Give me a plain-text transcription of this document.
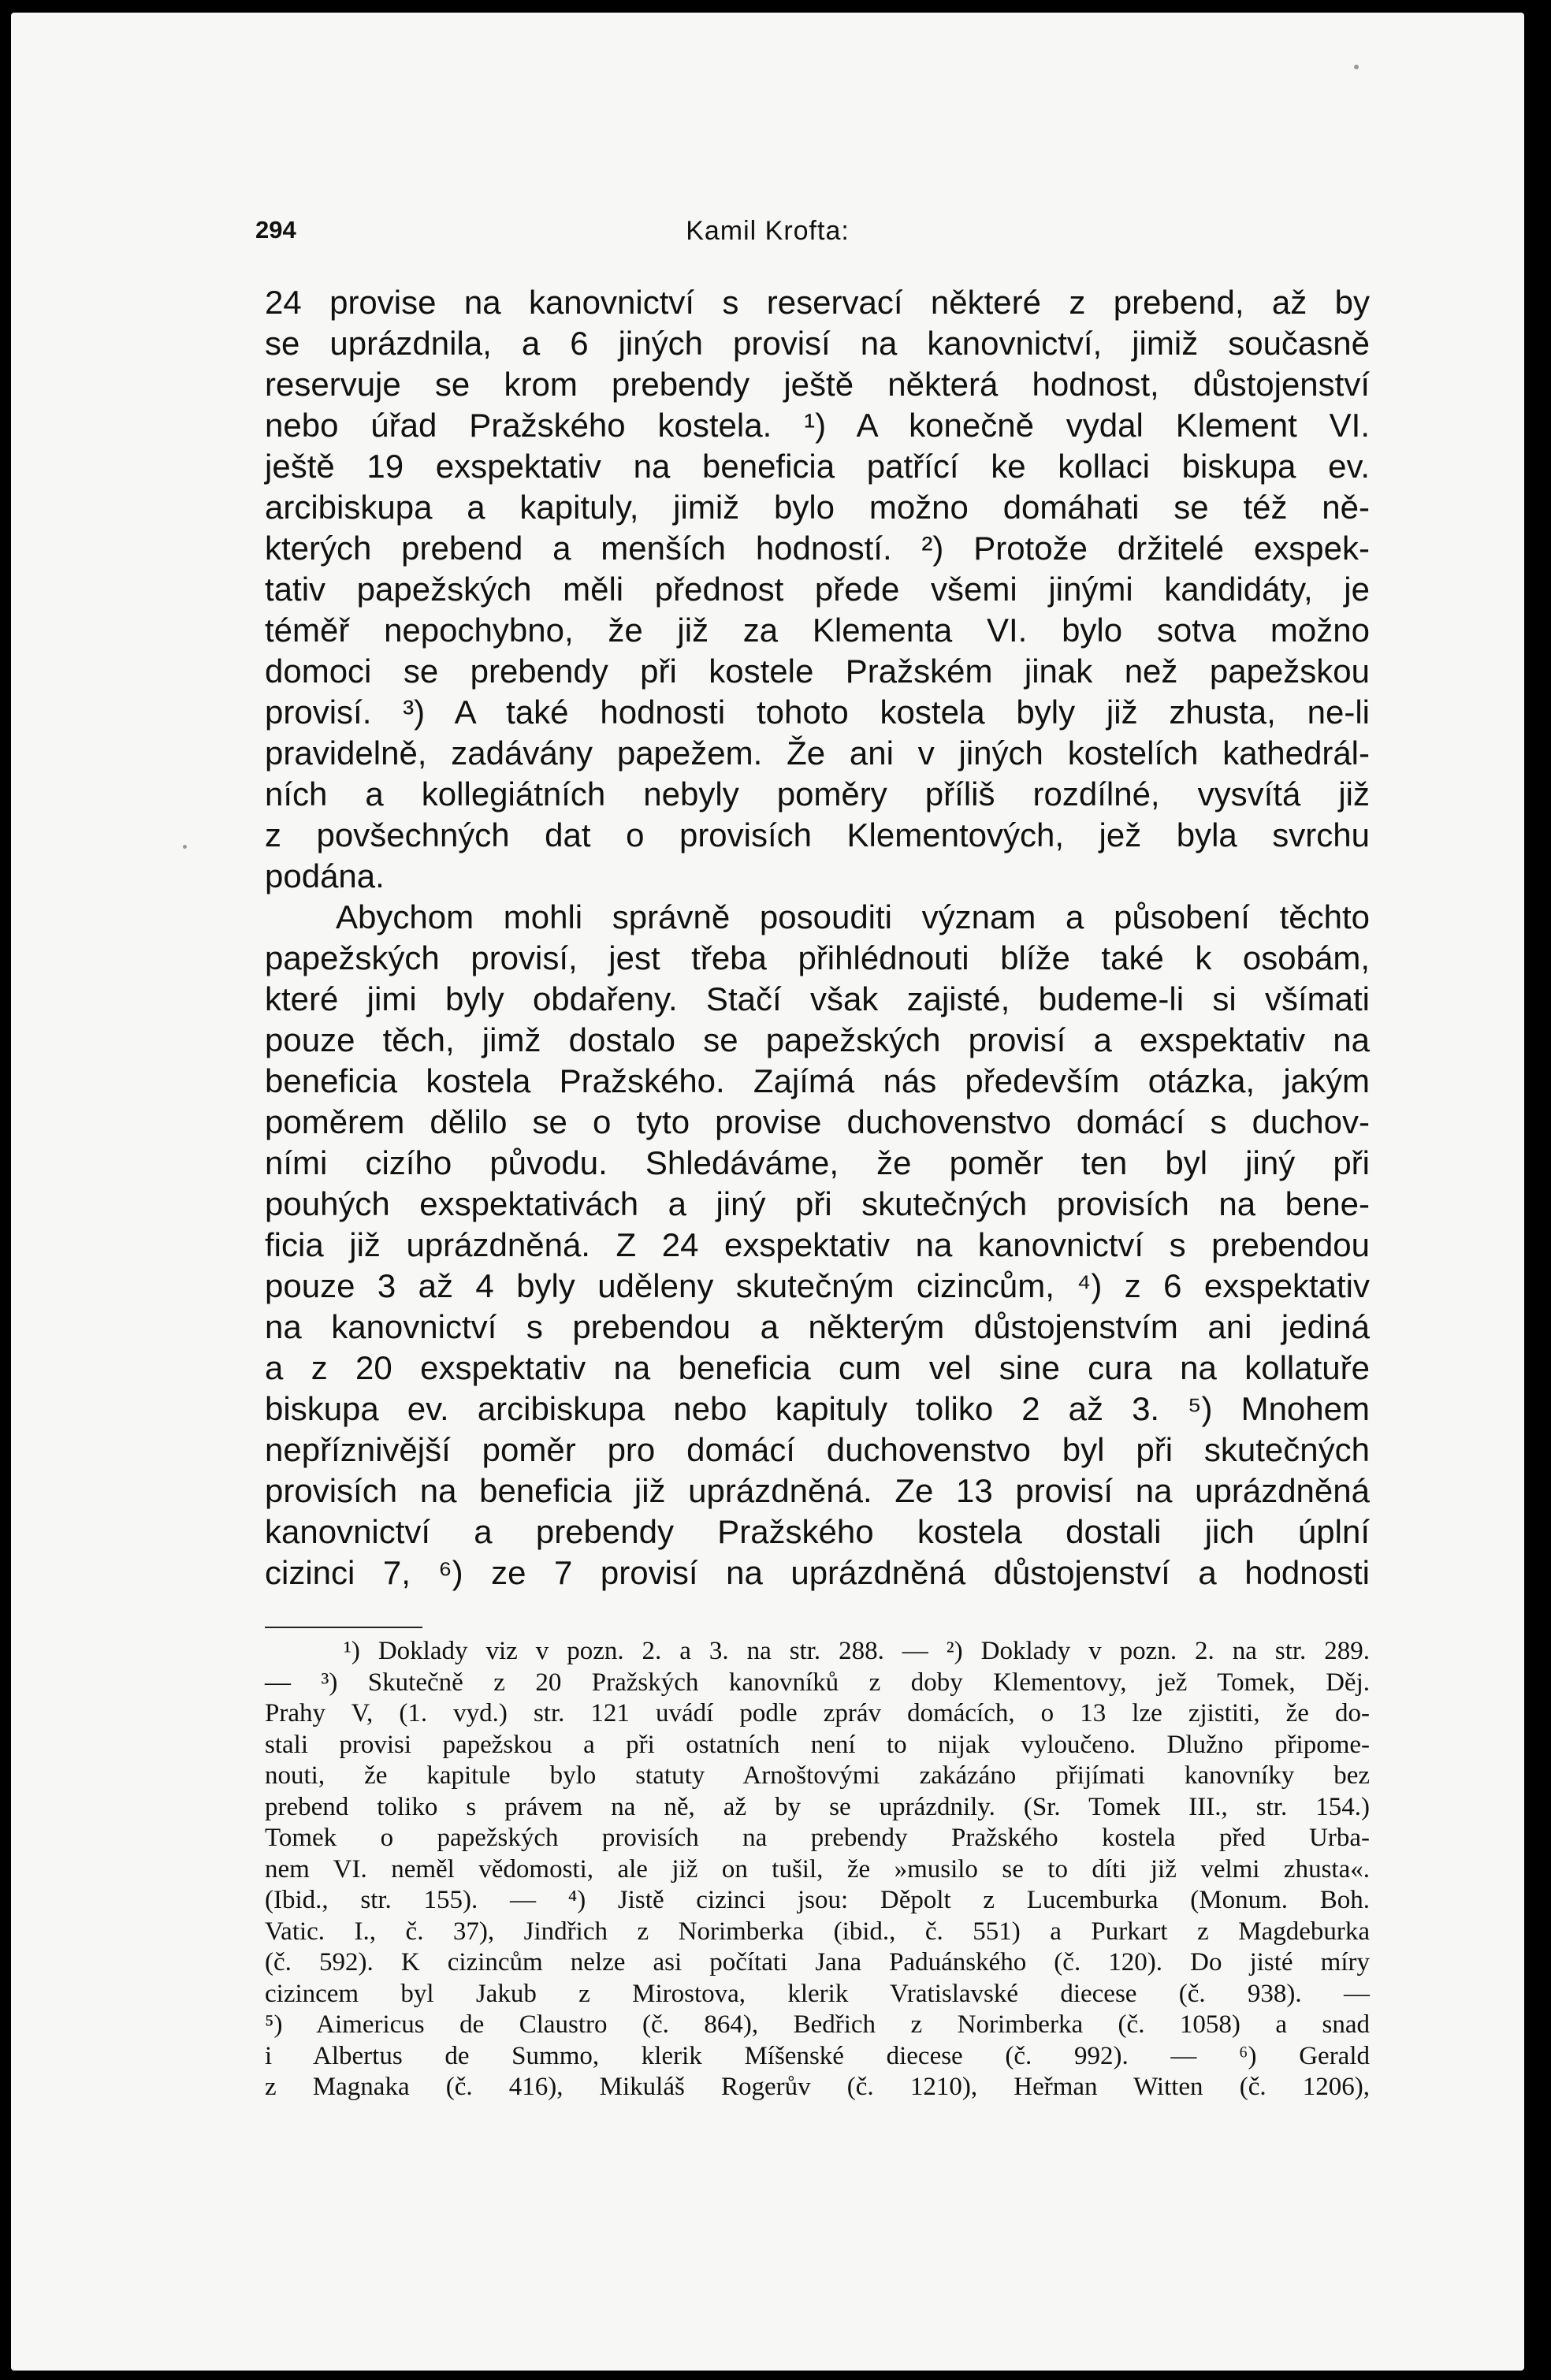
294	Kamil Krofta:
24 provise na kanovnictví s reservací některé z prebend, až by
se uprázdnila, a 6 jiných provisí na kanovnictví, jimiž současně
reservuje se krom prebendy ještě některá hodnost, důstojenství
nebo úřad Pražského kostela. ¹) A konečně vydal Klement VI.
ještě 19 exspektativ na beneficia patřící ke kollaci biskupa ev.
arcibiskupa a kapituly, jimiž bylo možno domáhati se též ně-
kterých prebend a menších hodností. ²) Protože držitelé exspek-
tativ papežských měli přednost přede všemi jinými kandidáty, je
téměř nepochybno, že již za Klementa VI. bylo sotva možno
domoci se prebendy při kostele Pražském jinak než papežskou
provisí. ³) A také hodnosti tohoto kostela byly již zhusta, ne-li
pravidelně, zadávány papežem. Že ani v jiných kostelích kathedrál-
ních a kollegiátních nebyly poměry příliš rozdílné, vysvítá již
z povšechných dat o provisích Klementových, jež byla svrchu
podána.
Abychom mohli správně posouditi význam a působení těchto
papežských provisí, jest třeba přihlédnouti blíže také k osobám,
které jimi byly obdařeny. Stačí však zajisté, budeme-li si všímati
pouze těch, jimž dostalo se papežských provisí a exspektativ na
beneficia kostela Pražského. Zajímá nás především otázka, jakým
poměrem dělilo se o tyto provise duchovenstvo domácí s duchov-
ními cizího původu. Shledáváme, že poměr ten byl jiný při
pouhých exspektativách a jiný při skutečných provisích na bene-
ficia již uprázdněná. Z 24 exspektativ na kanovnictví s prebendou
pouze 3 až 4 byly uděleny skutečným cizincům, ⁴) z 6 exspektativ
na kanovnictví s prebendou a některým důstojenstvím ani jediná
a z 20 exspektativ na beneficia cum vel sine cura na kollatuře
biskupa ev. arcibiskupa nebo kapituly toliko 2 až 3. ⁵) Mnohem
nepříznivější poměr pro domácí duchovenstvo byl při skutečných
provisích na beneficia již uprázdněná. Ze 13 provisí na uprázdněná
kanovnictví a prebendy Pražského kostela dostali jich úplní
cizinci 7, ⁶) ze 7 provisí na uprázdněná důstojenství a hodnosti
¹) Doklady viz v pozn. 2. a 3. na str. 288. — ²) Doklady v pozn. 2. na str. 289.
— ³) Skutečně z 20 Pražských kanovníků z doby Klementovy, jež Tomek, Děj.
Prahy V, (1. vyd.) str. 121 uvádí podle zpráv domácích, o 13 lze zjistiti, že do-
stali provisi papežskou a při ostatních není to nijak vyloučeno. Dlužno připome-
nouti, že kapitule bylo statuty Arnoštovými zakázáno přijímati kanovníky bez
prebend toliko s právem na ně, až by se uprázdnily. (Sr. Tomek III., str. 154.)
Tomek o papežských provisích na prebendy Pražského kostela před Urba-
nem VI. neměl vědomosti, ale již on tušil, že »musilo se to díti již velmi zhusta«.
(Ibid., str. 155). — ⁴) Jistě cizinci jsou: Děpolt z Lucemburka (Monum. Boh.
Vatic. I., č. 37), Jindřich z Norimberka (ibid., č. 551) a Purkart z Magdeburka
(č. 592). K cizincům nelze asi počítati Jana Paduánského (č. 120). Do jisté míry
cizincem byl Jakub z Mirostova, klerik Vratislavské diecese (č. 938). —
⁵) Aimericus de Claustro (č. 864), Bedřich z Norimberka (č. 1058) a snad
i Albertus de Summo, klerik Míšenské diecese (č. 992). — ⁶) Gerald
z Magnaka (č. 416), Mikuláš Rogerův (č. 1210), Heřman Witten (č. 1206),
